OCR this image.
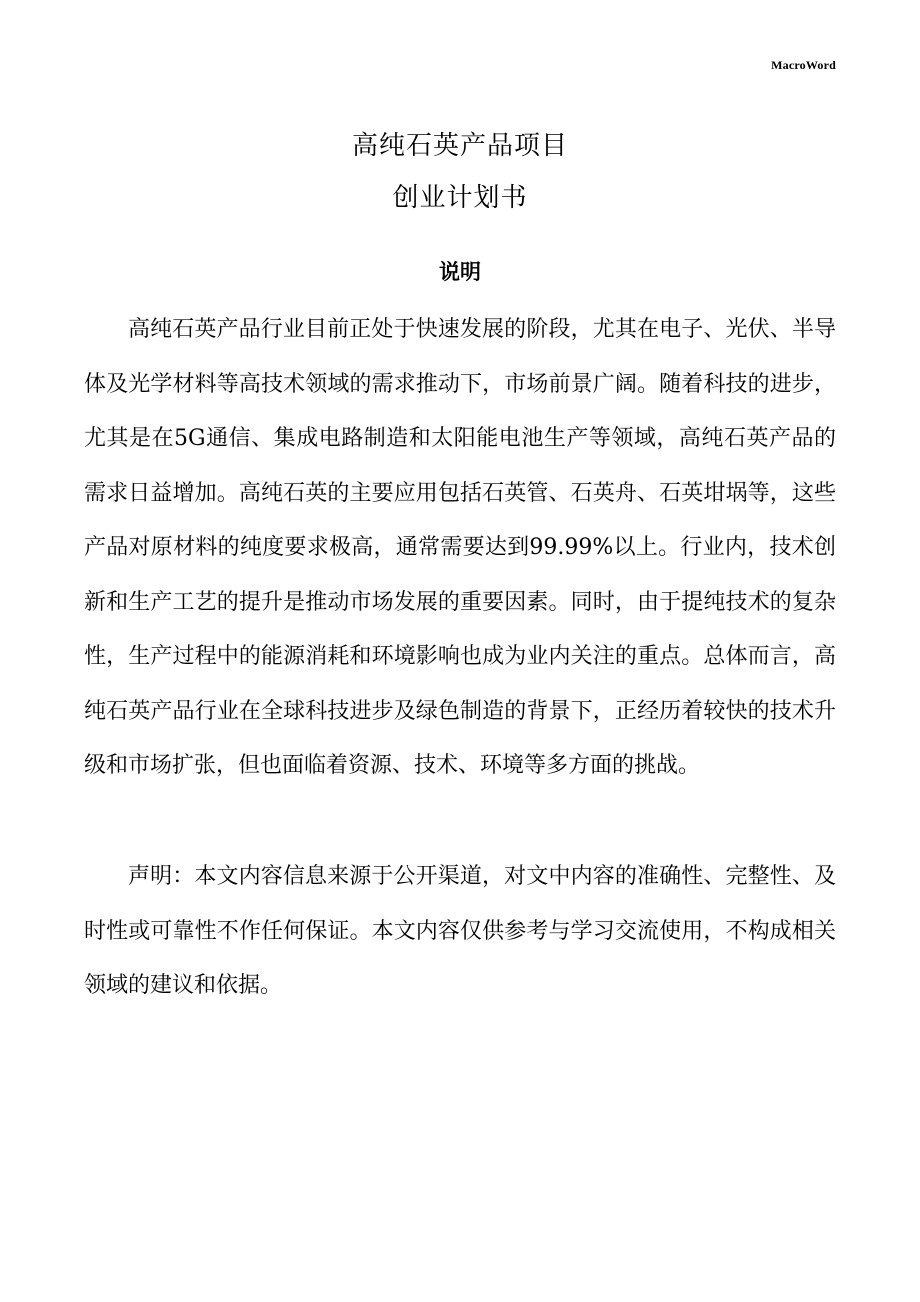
MacroWord
高纯石英产品项目
创业计划书
说明

高纯石英产品行业目前正处于快速发展的阶段，尤其在电子、光伏、半导体及光学材料等高技术领域的需求推动下，市场前景广阔。随着科技的进步，尤其是在5G通信、集成电路制造和太阳能电池生产等领域，高纯石英产品的需求日益增加。高纯石英的主要应用包括石英管、石英舟、石英坩埚等，这些产品对原材料的纯度要求极高，通常需要达到99.99%以上。行业内，技术创新和生产工艺的提升是推动市场发展的重要因素。同时，由于提纯技术的复杂性，生产过程中的能源消耗和环境影响也成为业内关注的重点。总体而言，高纯石英产品行业在全球科技进步及绿色制造的背景下，正经历着较快的技术升级和市场扩张，但也面临着资源、技术、环境等多方面的挑战。

声明：本文内容信息来源于公开渠道，对文中内容的准确性、完整性、及时性或可靠性不作任何保证。本文内容仅供参考与学习交流使用，不构成相关领域的建议和依据。
